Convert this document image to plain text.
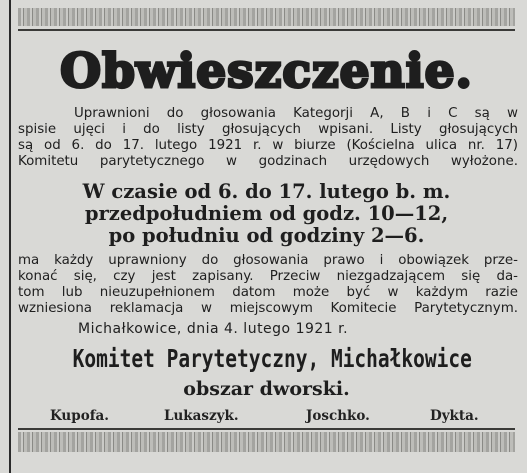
Obwieszczenie.
Uprawnioni do głosowania Kategorji A, B i C są w
spisie ujęci i do listy głosujących wpisani. Listy głosujących
są od 6. do 17. lutego 1921 r. w biurze (Kościelna ulica nr. 17)
Komitetu parytetycznego w godzinach urzędowych wyłożone.
W czasie od 6. do 17. lutego b. m.
przedpołudniem od godz. 10—12,
po południu od godziny 2—6.
ma każdy uprawniony do głosowania prawo i obowiązek prze-
konać się, czy jest zapisany. Przeciw niezgadzającem się da-
tom lub nieuzupełnionem datom może być w każdym razie
wzniesiona reklamacja w miejscowym Komitecie Parytetycznym.
Michałkowice, dnia 4. lutego 1921 r.
Komitet Parytetyczny, Michałkowice
obszar dworski.
Kupofa.	Lukaszyk.	Joschko.	Dykta.
